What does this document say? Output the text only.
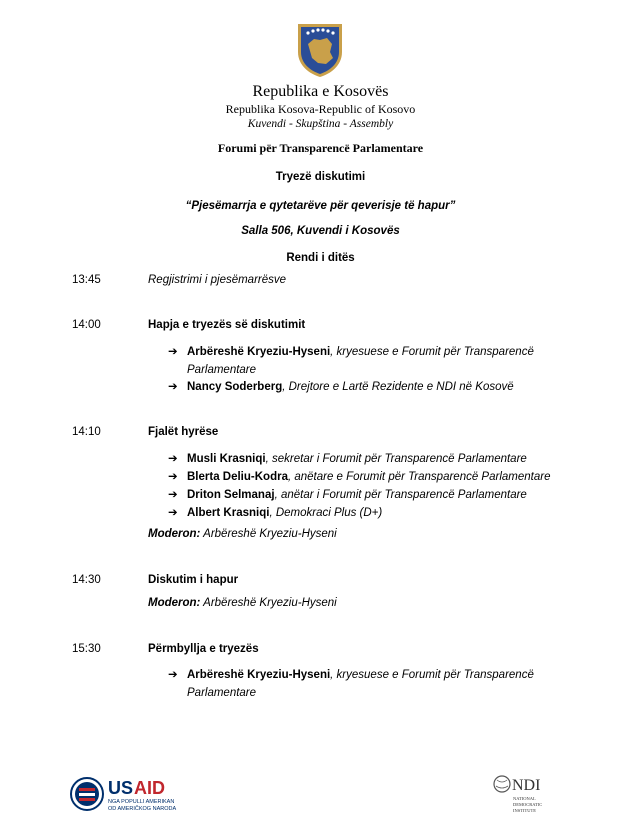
Republika e Kosovës
Republika Kosova-Republic of Kosovo
Kuvendi - Skupština - Assembly
Forumi për Transparencë Parlamentare
Tryezë diskutimi
“Pjesëmarrja e qytetarëve për qeverisje të hapur”
Salla 506, Kuvendi i Kosovës
Rendi i ditës
13:45	Regjistrimi i pjesëmarrësve
14:00	Hapja e tryezës së diskutimit
➔ Arbëreshë Kryeziu-Hyseni, kryesuese e Forumit për Transparencë Parlamentare
➔ Nancy Soderberg, Drejtore e Lartë Rezidente e NDI në Kosovë
14:10	Fjalët hyrëse
➔ Musli Krasniqi, sekretar i Forumit për Transparencë Parlamentare
➔ Blerta Deliu-Kodra, anëtare e Forumit për Transparencë Parlamentare
➔ Driton Selmanaj, anëtar i Forumit për Transparencë Parlamentare
➔ Albert Krasniqi, Demokraci Plus (D+)
Moderon: Arbëreshë Kryeziu-Hyseni
14:30	Diskutim i hapur
Moderon: Arbëreshë Kryeziu-Hyseni
15:30	Përmbyllja e tryezës
➔ Arbëreshë Kryeziu-Hyseni, kryesuese e Forumit për Transparencë Parlamentare
US AID
NGA POPULLI AMERIKAN
OD AMERIČKOG NARODA
NDI
NATIONAL
DEMOCRATIC
INSTITUTE
